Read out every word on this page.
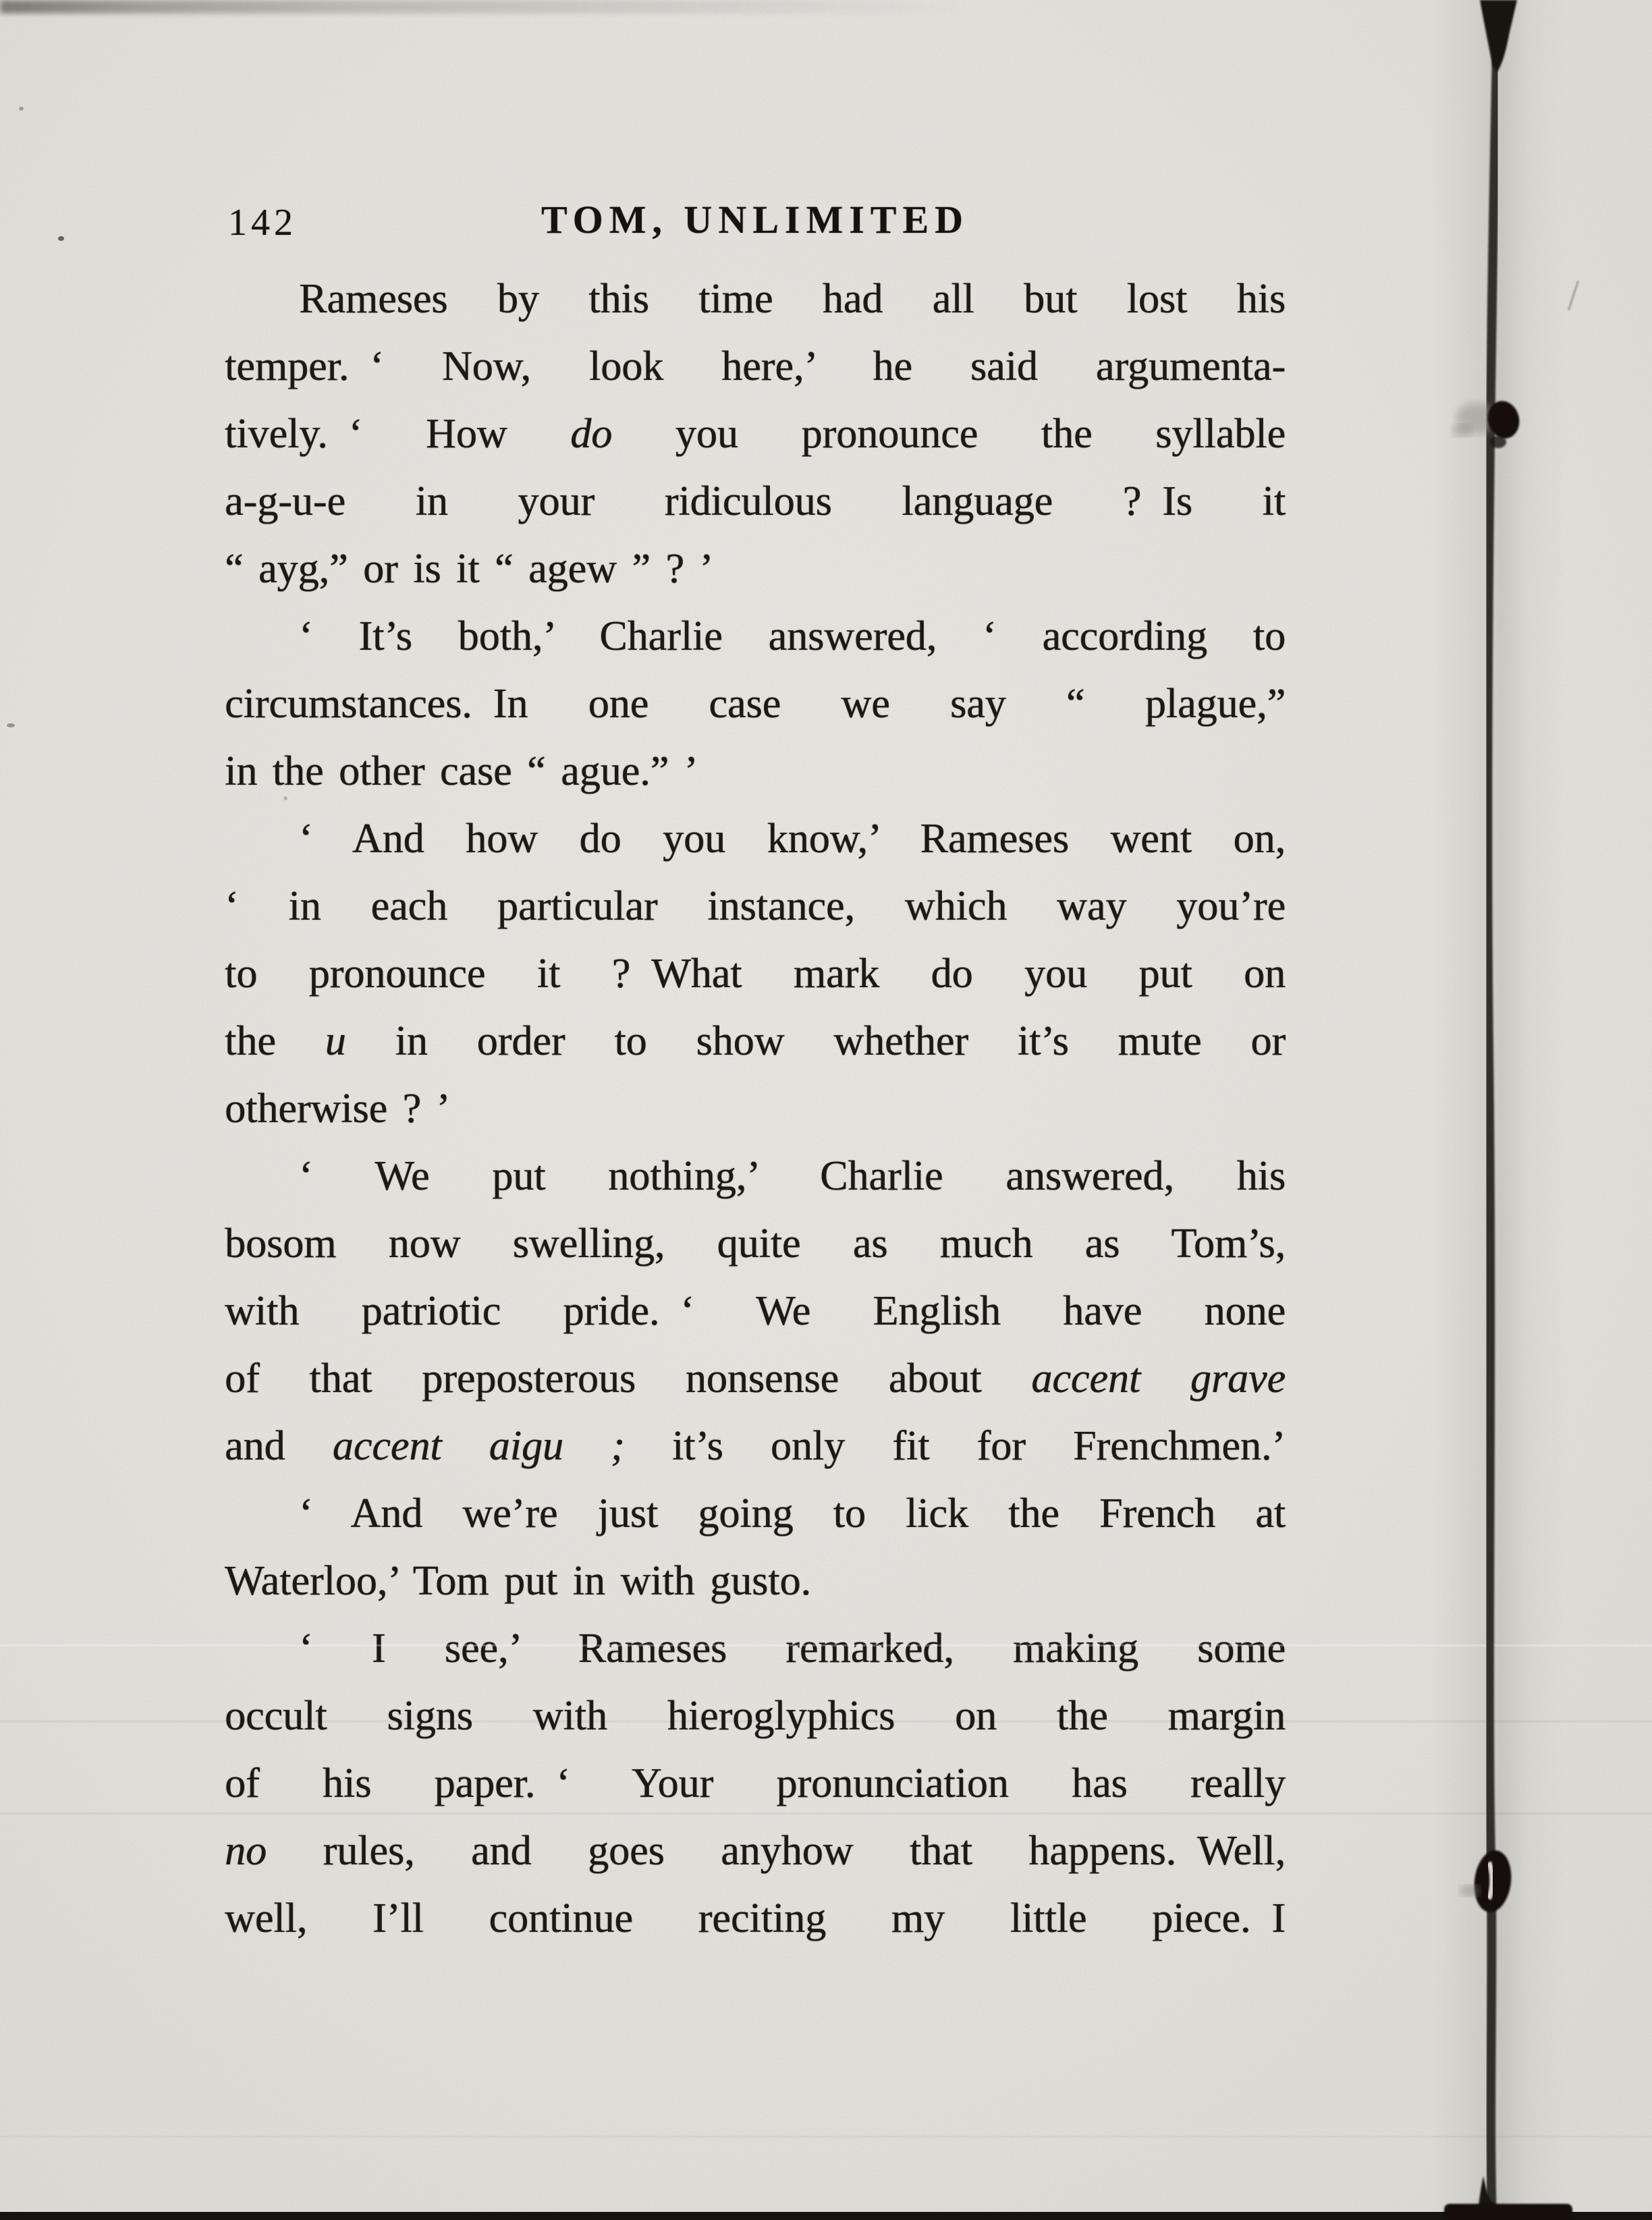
142	TOM, UNLIMITED
Rameses by this time had all but lost his
temper. ‘ Now, look here,’ he said argumenta-
tively. ‘ How do you pronounce the syllable
a-g-u-e in your ridiculous language ? Is it
“ ayg,” or is it “ agew ” ? ’
‘ It’s both,’ Charlie answered, ‘ according to
circumstances. In one case we say “ plague,”
in the other case “ ague.” ’
‘ And how do you know,’ Rameses went on,
‘ in each particular instance, which way you’re
to pronounce it ? What mark do you put on
the u in order to show whether it’s mute or
otherwise ? ’
‘ We put nothing,’ Charlie answered, his
bosom now swelling, quite as much as Tom’s,
with patriotic pride. ‘ We English have none
of that preposterous nonsense about accent grave
and accent aigu ; it’s only fit for Frenchmen.’
‘ And we’re just going to lick the French at
Waterloo,’ Tom put in with gusto.
‘ I see,’ Rameses remarked, making some
occult signs with hieroglyphics on the margin
of his paper. ‘ Your pronunciation has really
no rules, and goes anyhow that happens. Well,
well, I’ll continue reciting my little piece. I
